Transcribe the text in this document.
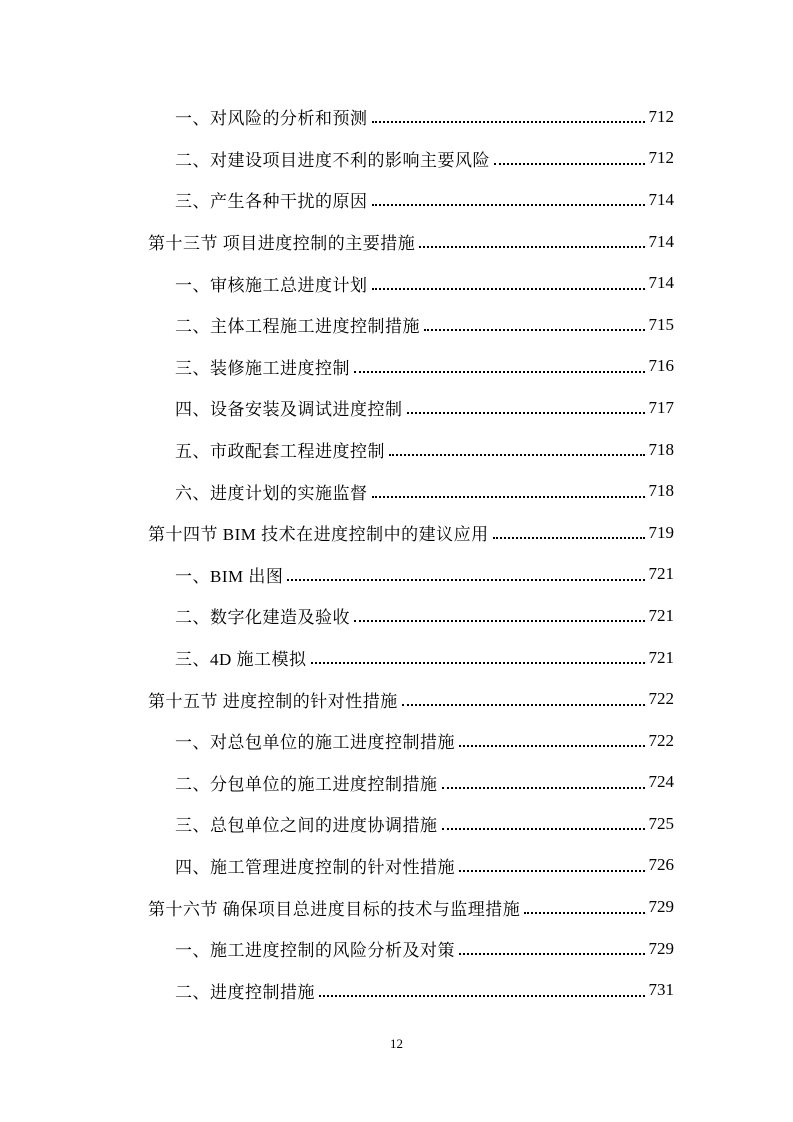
一、对风险的分析和预测	712
二、对建设项目进度不利的影响主要风险	712
三、产生各种干扰的原因	714
第十三节 项目进度控制的主要措施	714
一、审核施工总进度计划	714
二、主体工程施工进度控制措施	715
三、装修施工进度控制	716
四、设备安装及调试进度控制	717
五、市政配套工程进度控制	718
六、进度计划的实施监督	718
第十四节 BIM 技术在进度控制中的建议应用	719
一、BIM 出图	721
二、数字化建造及验收	721
三、4D 施工模拟	721
第十五节 进度控制的针对性措施	722
一、对总包单位的施工进度控制措施	722
二、分包单位的施工进度控制措施	724
三、总包单位之间的进度协调措施	725
四、施工管理进度控制的针对性措施	726
第十六节 确保项目总进度目标的技术与监理措施	729
一、施工进度控制的风险分析及对策	729
二、进度控制措施	731
12
